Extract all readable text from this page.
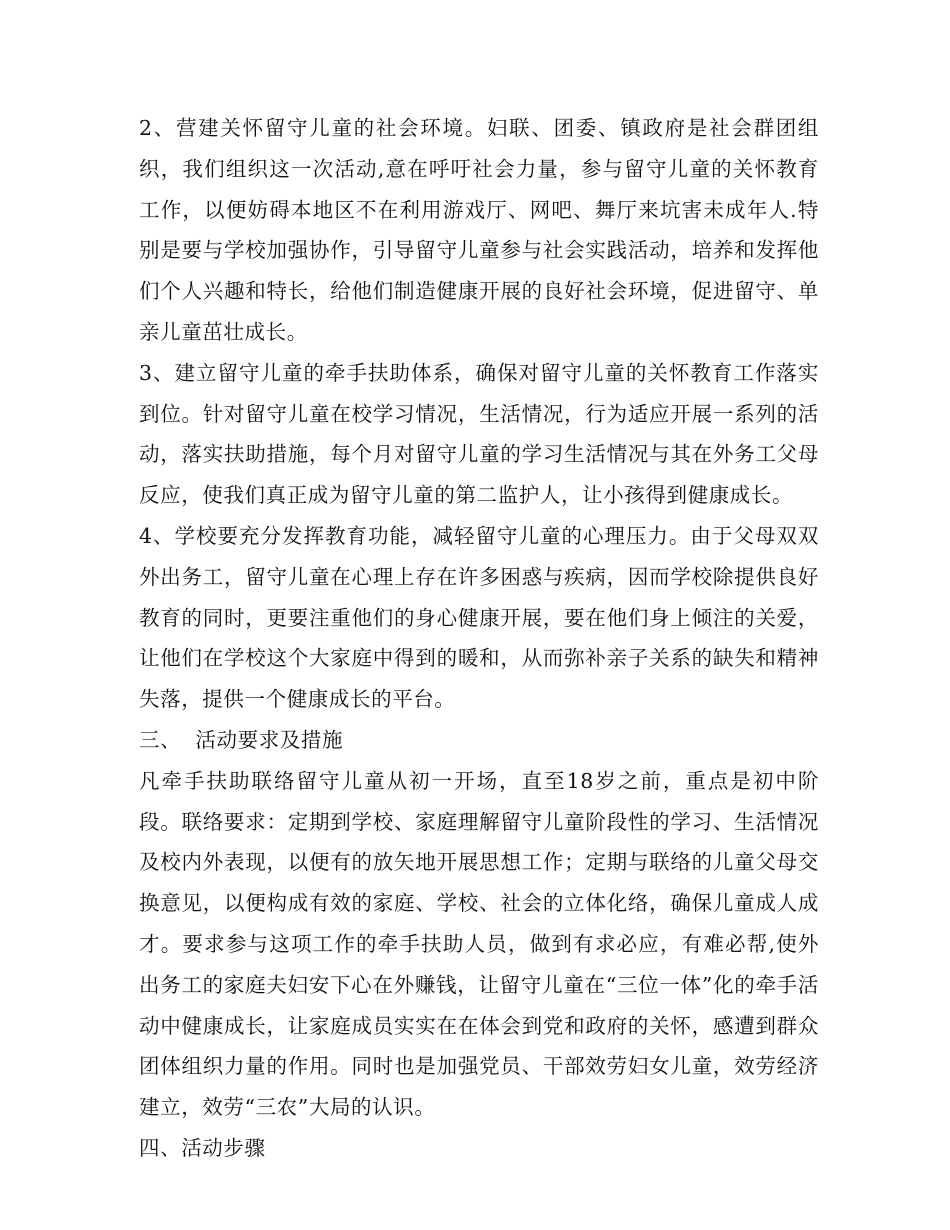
2、营建关怀留守儿童的社会环境。妇联、团委、镇政府是社会群团组织，我们组织这一次活动,意在呼吁社会力量，参与留守儿童的关怀教育工作，以便妨碍本地区不在利用游戏厅、网吧、舞厅来坑害未成年人.特别是要与学校加强协作，引导留守儿童参与社会实践活动，培养和发挥他们个人兴趣和特长，给他们制造健康开展的良好社会环境，促进留守、单亲儿童茁壮成长。

3、建立留守儿童的牵手扶助体系，确保对留守儿童的关怀教育工作落实到位。针对留守儿童在校学习情况，生活情况，行为适应开展一系列的活动，落实扶助措施，每个月对留守儿童的学习生活情况与其在外务工父母反应，使我们真正成为留守儿童的第二监护人，让小孩得到健康成长。

4、学校要充分发挥教育功能，减轻留守儿童的心理压力。由于父母双双外出务工，留守儿童在心理上存在许多困惑与疾病，因而学校除提供良好教育的同时，更要注重他们的身心健康开展，要在他们身上倾注的关爱，让他们在学校这个大家庭中得到的暖和，从而弥补亲子关系的缺失和精神失落，提供一个健康成长的平台。

三、  活动要求及措施

凡牵手扶助联络留守儿童从初一开场，直至18岁之前，重点是初中阶段。联络要求：定期到学校、家庭理解留守儿童阶段性的学习、生活情况及校内外表现，以便有的放矢地开展思想工作；定期与联络的儿童父母交换意见，以便构成有效的家庭、学校、社会的立体化络，确保儿童成人成才。要求参与这项工作的牵手扶助人员，做到有求必应，有难必帮,使外出务工的家庭夫妇安下心在外赚钱，让留守儿童在“三位一体”化的牵手活动中健康成长，让家庭成员实实在在体会到党和政府的关怀，感遭到群众团体组织力量的作用。同时也是加强党员、干部效劳妇女儿童，效劳经济建立，效劳“三农”大局的认识。

四、活动步骤
